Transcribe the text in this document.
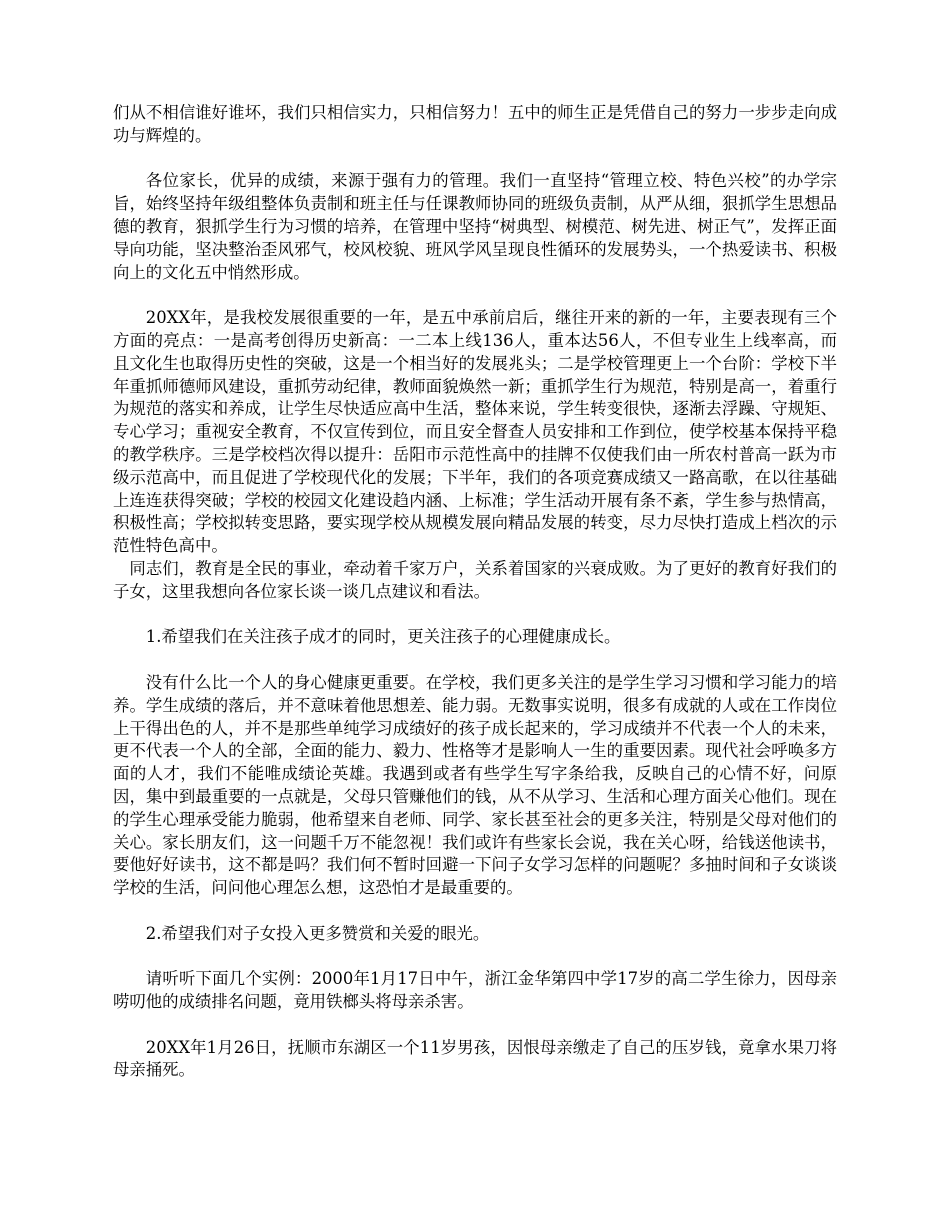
们从不相信谁好谁坏，我们只相信实力，只相信努力！五中的师生正是凭借自己的努力一步步走向成功与辉煌的。

各位家长，优异的成绩，来源于强有力的管理。我们一直坚持“管理立校、特色兴校”的办学宗旨，始终坚持年级组整体负责制和班主任与任课教师协同的班级负责制，从严从细，狠抓学生思想品德的教育，狠抓学生行为习惯的培养，在管理中坚持“树典型、树模范、树先进、树正气”，发挥正面导向功能，坚决整治歪风邪气，校风校貌、班风学风呈现良性循环的发展势头，一个热爱读书、积极向上的文化五中悄然形成。

20XX年，是我校发展很重要的一年，是五中承前启后，继往开来的新的一年，主要表现有三个方面的亮点：一是高考创得历史新高：一二本上线136人，重本达56人，不但专业生上线率高，而且文化生也取得历史性的突破，这是一个相当好的发展兆头；二是学校管理更上一个台阶：学校下半年重抓师德师风建设，重抓劳动纪律，教师面貌焕然一新；重抓学生行为规范，特别是高一，着重行为规范的落实和养成，让学生尽快适应高中生活，整体来说，学生转变很快，逐渐去浮躁、守规矩、专心学习；重视安全教育，不仅宣传到位，而且安全督查人员安排和工作到位，使学校基本保持平稳的教学秩序。三是学校档次得以提升：岳阳市示范性高中的挂牌不仅使我们由一所农村普高一跃为市级示范高中，而且促进了学校现代化的发展；下半年，我们的各项竞赛成绩又一路高歌，在以往基础上连连获得突破；学校的校园文化建设趋内涵、上标准；学生活动开展有条不紊，学生参与热情高，积极性高；学校拟转变思路，要实现学校从规模发展向精品发展的转变，尽力尽快打造成上档次的示范性特色高中。

同志们，教育是全民的事业，牵动着千家万户，关系着国家的兴衰成败。为了更好的教育好我们的子女，这里我想向各位家长谈一谈几点建议和看法。

1.希望我们在关注孩子成才的同时，更关注孩子的心理健康成长。

没有什么比一个人的身心健康更重要。在学校，我们更多关注的是学生学习习惯和学习能力的培养。学生成绩的落后，并不意味着他思想差、能力弱。无数事实说明，很多有成就的人或在工作岗位上干得出色的人，并不是那些单纯学习成绩好的孩子成长起来的，学习成绩并不代表一个人的未来，更不代表一个人的全部，全面的能力、毅力、性格等才是影响人一生的重要因素。现代社会呼唤多方面的人才，我们不能唯成绩论英雄。我遇到或者有些学生写字条给我，反映自己的心情不好，问原因，集中到最重要的一点就是，父母只管赚他们的钱，从不从学习、生活和心理方面关心他们。现在的学生心理承受能力脆弱，他希望来自老师、同学、家长甚至社会的更多关注，特别是父母对他们的关心。家长朋友们，这一问题千万不能忽视！我们或许有些家长会说，我在关心呀，给钱送他读书，要他好好读书，这不都是吗？我们何不暂时回避一下问子女学习怎样的问题呢？多抽时间和子女谈谈学校的生活，问问他心理怎么想，这恐怕才是最重要的。

2.希望我们对子女投入更多赞赏和关爱的眼光。

请听听下面几个实例：2000年1月17日中午，浙江金华第四中学17岁的高二学生徐力，因母亲唠叨他的成绩排名问题，竟用铁榔头将母亲杀害。

20XX年1月26日，抚顺市东湖区一个11岁男孩，因恨母亲缴走了自己的压岁钱，竟拿水果刀将母亲捅死。
